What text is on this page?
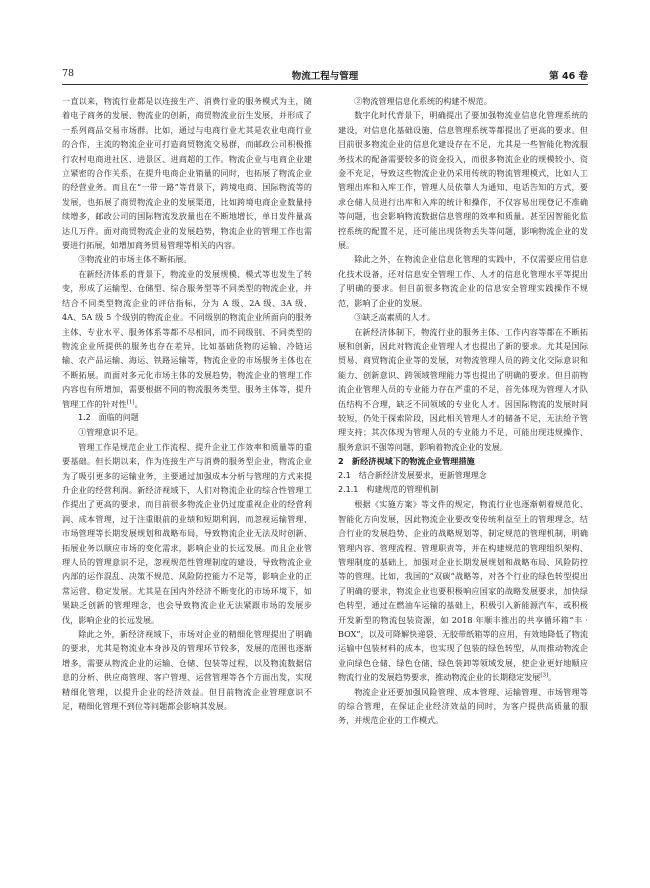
78	物流工程与管理	第 46 卷

一直以来，物流行业都是以连接生产、消费行业的服务模式为主，随着电子商务的发展、物流业的创新，商贸物流业衍生发展，并形成了一系列商品交易市场群。比如，通过与电商行业尤其是农业电商行业的合作，主流的物流企业可打造商贸物流交易群，而邮政公司积极推行农村电商进社区、进景区、进商超的工作。物流企业与电商企业建立紧密的合作关系，在提升电商企业销量的同时，也拓展了物流企业的经营业务。而且在“一带一路”等背景下，跨境电商、国际物流等的发展，也拓展了商贸物流企业的发展渠道，比如跨境电商企业数量持续增多，邮政公司的国际物流发放量也在不断地增长，单日发件量高达几万件。面对商贸物流企业的发展趋势，物流企业的管理工作也需要进行拓展，如增加商务贸易管理等相关的内容。

③物流业的市场主体不断拓展。

在新经济体系的背景下，物流业的发展规模、模式等也发生了转变，形成了运输型、仓储型、综合服务型等不同类型的物流企业，并结合不同类型物流企业的评估指标，分为 A 级、2A 级、3A 级、4A、5A 级 5 个级别的物流企业。不同级别的物流企业所面向的服务主体、专业水平、服务体系等都不尽相同，而不同级别、不同类型的物流企业所提供的服务也存在差异，比如基础货物的运输、冷链运输、农产品运输、海运、铁路运输等，物流企业的市场服务主体也在不断拓展。而面对多元化市场主体的发展趋势，物流企业的管理工作内容也有所增加，需要根据不同的物流服务类型、服务主体等，提升管理工作的针对性[1]。

1.2　面临的问题

①管理意识不足。

管理工作是规范企业工作流程、提升企业工作效率和质量等的重要基础。但长期以来，作为连接生产与消费的服务型企业，物流企业为了吸引更多的运输业务，主要通过加强成本分析与管理的方式来提升企业的经营利润。新经济视域下，人们对物流企业的综合性管理工作提出了更高的要求，而目前很多物流企业仍过度重视企业的经营利润、成本管理，过于注重眼前的业绩和短期利润，而忽视运输管理、市场管理等长期发展规划和战略布局，导致物流企业无法及时创新、拓展业务以顺应市场的变化需求，影响企业的长远发展。而且企业管理人员的管理意识不足，忽视规范性管理制度的建设，导致物流企业内部的运作混乱、决策不规范、风险防控能力不足等，影响企业的正常运营、稳定发展。尤其是在国内外经济不断变化的市场环境下，如果缺乏创新的管理理念，也会导致物流企业无法紧跟市场的发展步伐，影响企业的长远发展。

除此之外，新经济视域下，市场对企业的精细化管理提出了明确的要求，尤其是物流业本身涉及的管理环节较多，发展的范围也逐渐增多，需要从物流企业的运输、仓储、包装等过程，以及物流数据信息的分析、供应商管理、客户管理、运营管理等各个方面出发，实现精细化管理，以提升企业的经济效益。但目前物流企业管理意识不足，精细化管理不到位等问题都会影响其发展。

②物流管理信息化系统的构建不规范。

数字化时代背景下，明确提出了要加强物流业信息化管理系统的建设，对信息化基础设施、信息管理系统等都提出了更高的要求。但目前很多物流企业的信息化建设存在不足，尤其是一些智能化物流服务技术的配备需要较多的资金投入，而很多物流企业的规模较小、资金不充足，导致这些物流企业仍采用传统的物流管理模式，比如人工管理出库和入库工作，管理人员依靠人为通知、电话告知的方式，要求仓储人员进行出库和入库的统计和操作，不仅容易出现登记不准确等问题，也会影响物流数据信息管理的效率和质量。甚至因智能化监控系统的配置不足，还可能出现货物丢失等问题，影响物流企业的发展。

除此之外，在物流企业信息化管理的实践中，不仅需要应用信息化技术设备，还对信息安全管理工作、人才的信息化管理水平等提出了明确的要求。但目前很多物流企业的信息安全管理实践操作不规范，影响了企业的发展。

③缺乏高素质的人才。

在新经济体制下，物流行业的服务主体、工作内容等都在不断拓展和创新，因此对物流企业管理人才也提出了新的要求。尤其是国际贸易、商贸物流企业等的发展，对物流管理人员的跨文化交际意识和能力、创新意识、跨领域管理能力等也提出了明确的要求。但目前物流企业管理人员的专业能力存在严重的不足，首先体现为管理人才队伍结构不合理，缺乏不同领域的专业化人才。因国际物流的发展时间较短，仍处于探索阶段，因此相关管理人才的储备不足，无法给予管理支持；其次体现为管理人员的专业能力不足，可能出现违规操作、服务意识不强等问题，影响着物流企业的发展。

2　新经济视域下的物流企业管理措施

2.1　结合新经济发展要求，更新管理理念

2.1.1　构建规范的管理机制

根据《实施方案》等文件的规定，物流行业也逐渐朝着规范化、智能化方向发展，因此物流企业要改变传统利益至上的管理理念，结合行业的发展趋势、企业的战略规划等，制定规范的管理机制，明确管理内容、管理流程、管理职责等，并在构建规范的管理组织架构、管理制度的基础上，加强对企业长期发展规划和战略布局、风险防控等的管理。比如，我国的“双碳”战略等，对各个行业的绿色转型提出了明确的要求，物流企业也要积极响应国家的战略发展要求，加快绿色转型，通过在燃油车运输的基础上，积极引入新能源汽车，或积极开发新型的物流包装资源，如 2018 年顺丰推出的共享循环箱“丰 · BOX”，以及可降解快递袋、无胶带纸箱等的应用，有效地降低了物流运输中包装材料的成本，也实现了包装的绿色转型，从而推动物流企业向绿色仓储、绿色仓储、绿色装卸等领域发展，使企业更好地顺应物流行业的发展趋势要求，推动物流企业的长期稳定发展[3]。

物流企业还要加强风险管理、成本管理、运输管理、市场管理等的综合管理，在保证企业经济效益的同时，为客户提供高质量的服务，并规范企业的工作模式。
